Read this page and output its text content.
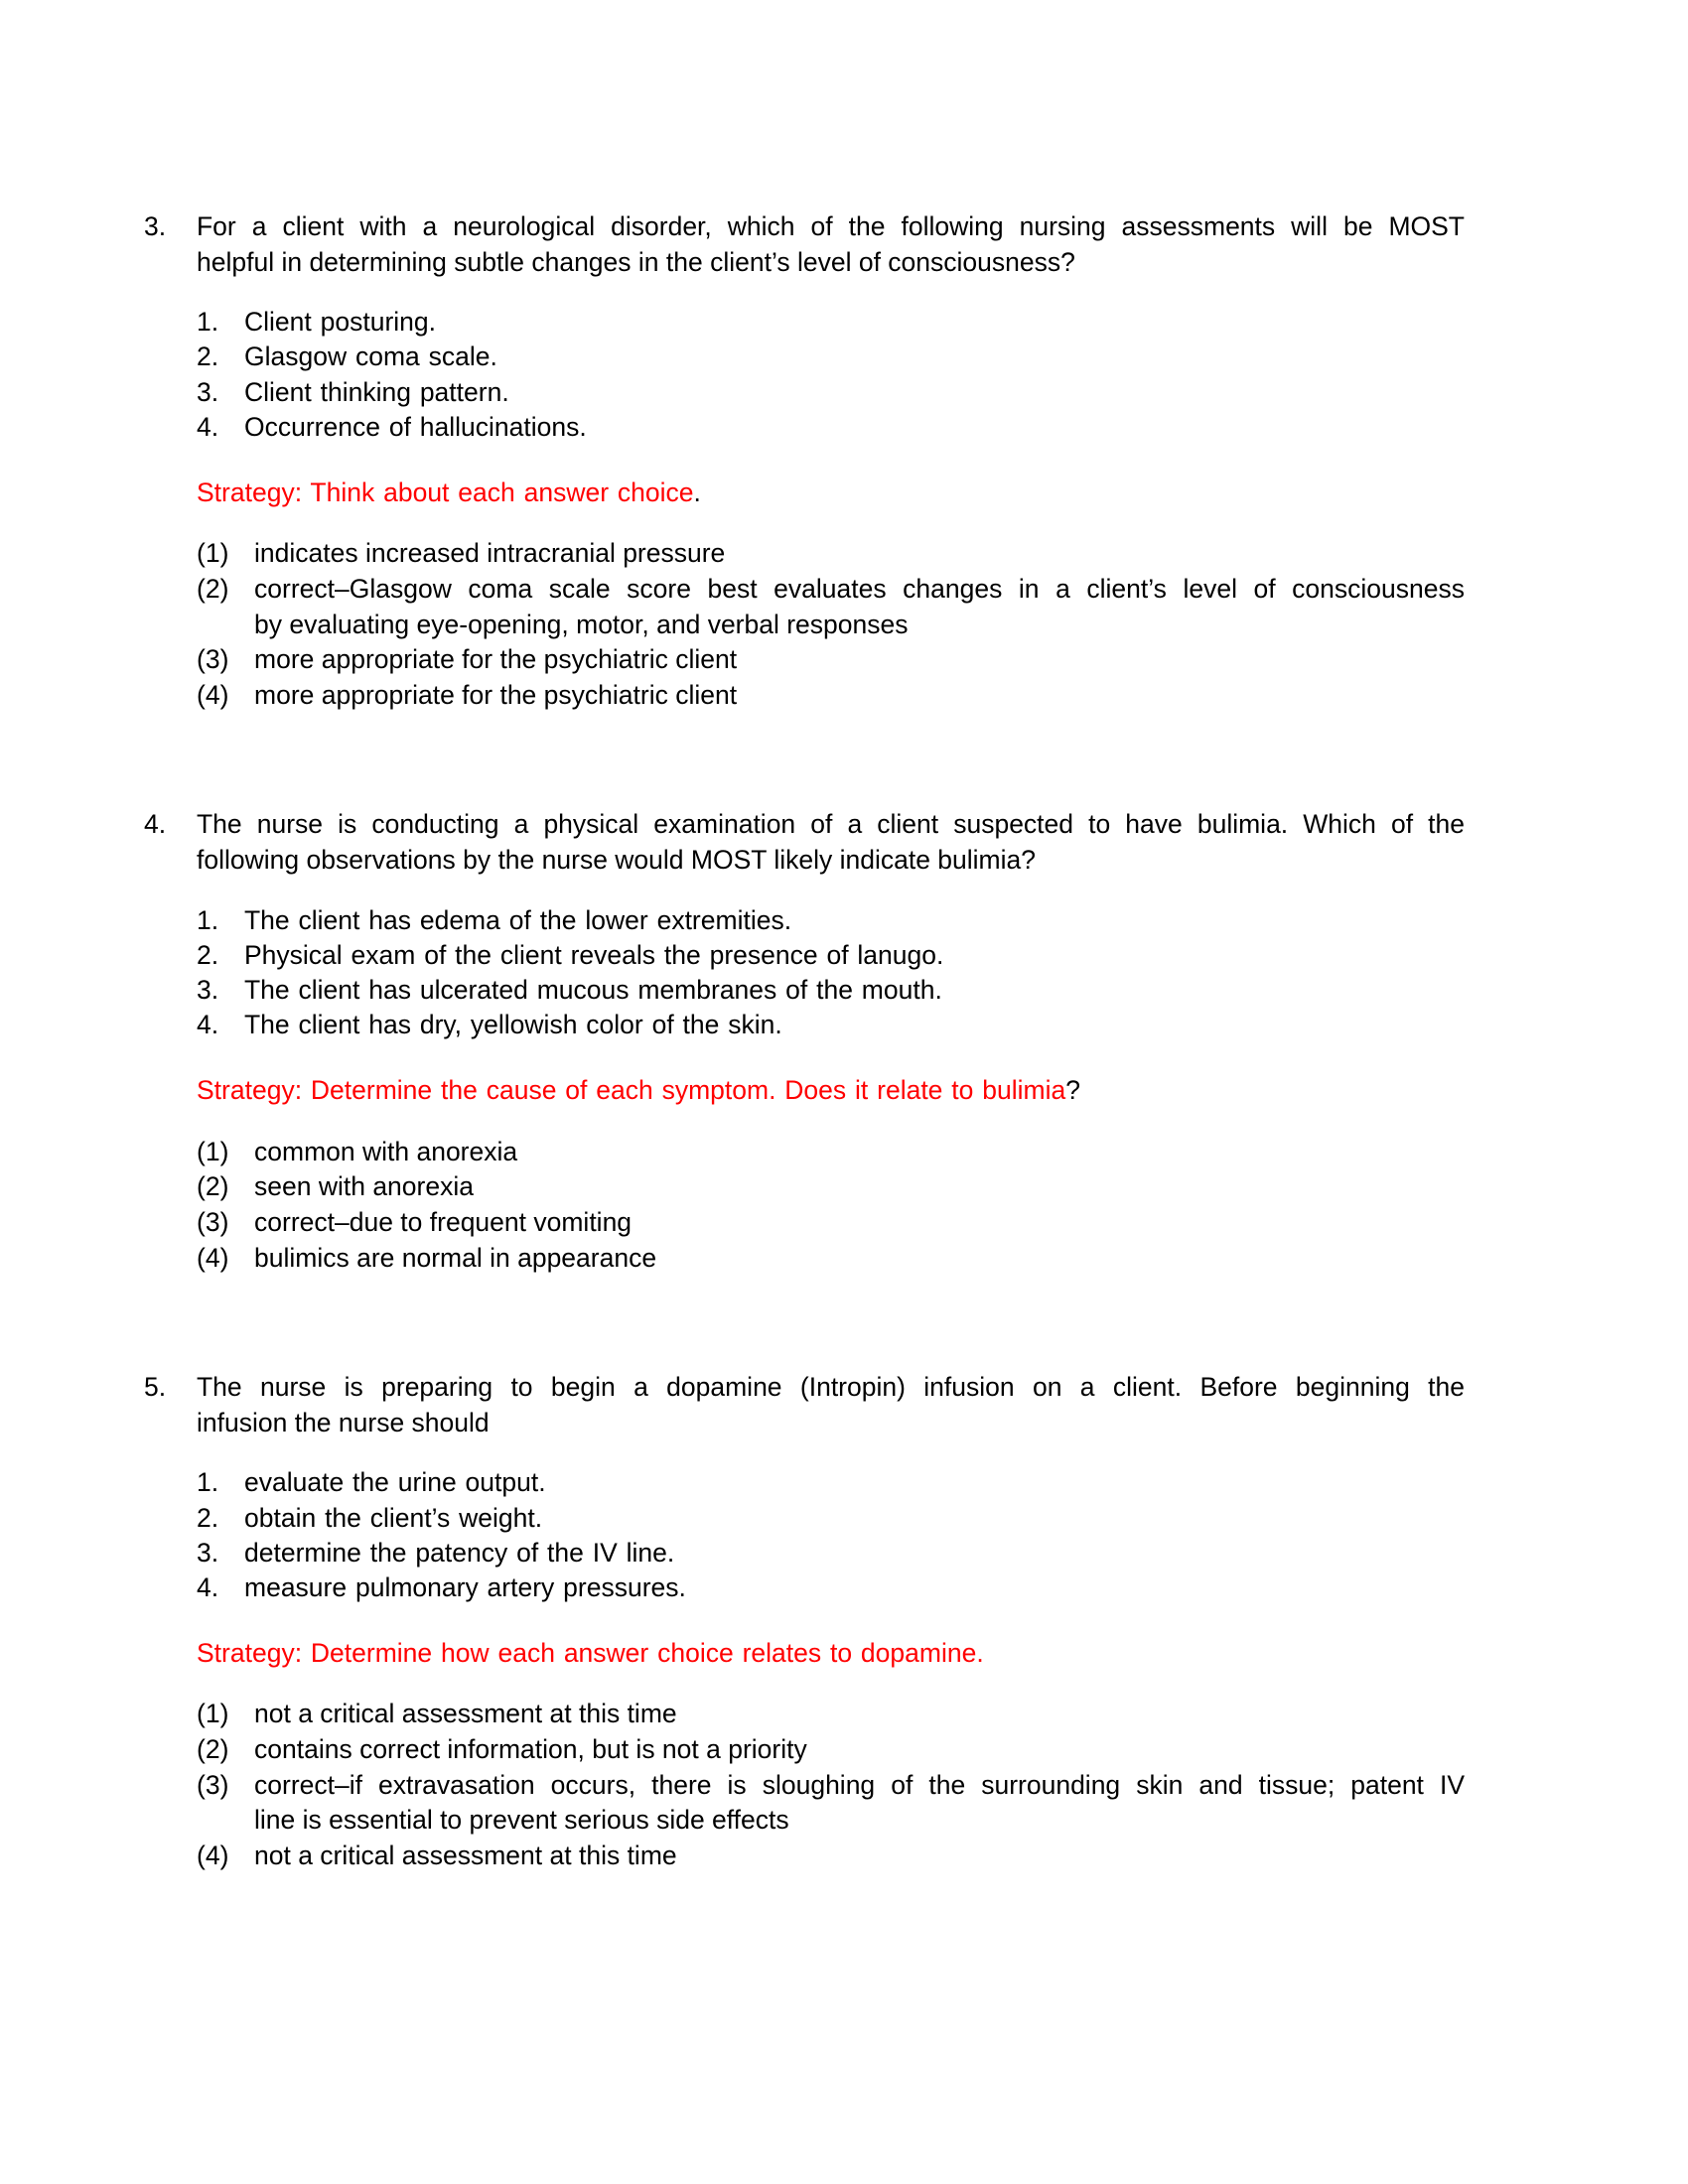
3.	For a client with a neurological disorder, which of the following nursing assessments will be MOST
helpful in determining subtle changes in the client’s level of consciousness?
1. Client posturing.
2. Glasgow coma scale.
3. Client thinking pattern.
4. Occurrence of hallucinations.
Strategy: Think about each answer choice.
(1) indicates increased intracranial pressure
(2) correct–Glasgow coma scale score best evaluates changes in a client’s level of consciousness
by evaluating eye-opening, motor, and verbal responses
(3) more appropriate for the psychiatric client
(4) more appropriate for the psychiatric client
4.	The nurse is conducting a physical examination of a client suspected to have bulimia. Which of the
following observations by the nurse would MOST likely indicate bulimia?
1. The client has edema of the lower extremities.
2. Physical exam of the client reveals the presence of lanugo.
3. The client has ulcerated mucous membranes of the mouth.
4. The client has dry, yellowish color of the skin.
Strategy: Determine the cause of each symptom. Does it relate to bulimia?
(1) common with anorexia
(2) seen with anorexia
(3) correct–due to frequent vomiting
(4) bulimics are normal in appearance
5.	The nurse is preparing to begin a dopamine (Intropin) infusion on a client. Before beginning the
infusion the nurse should
1. evaluate the urine output.
2. obtain the client’s weight.
3. determine the patency of the IV line.
4. measure pulmonary artery pressures.
Strategy: Determine how each answer choice relates to dopamine.
(1) not a critical assessment at this time
(2) contains correct information, but is not a priority
(3) correct–if extravasation occurs, there is sloughing of the surrounding skin and tissue; patent IV
line is essential to prevent serious side effects
(4) not a critical assessment at this time
